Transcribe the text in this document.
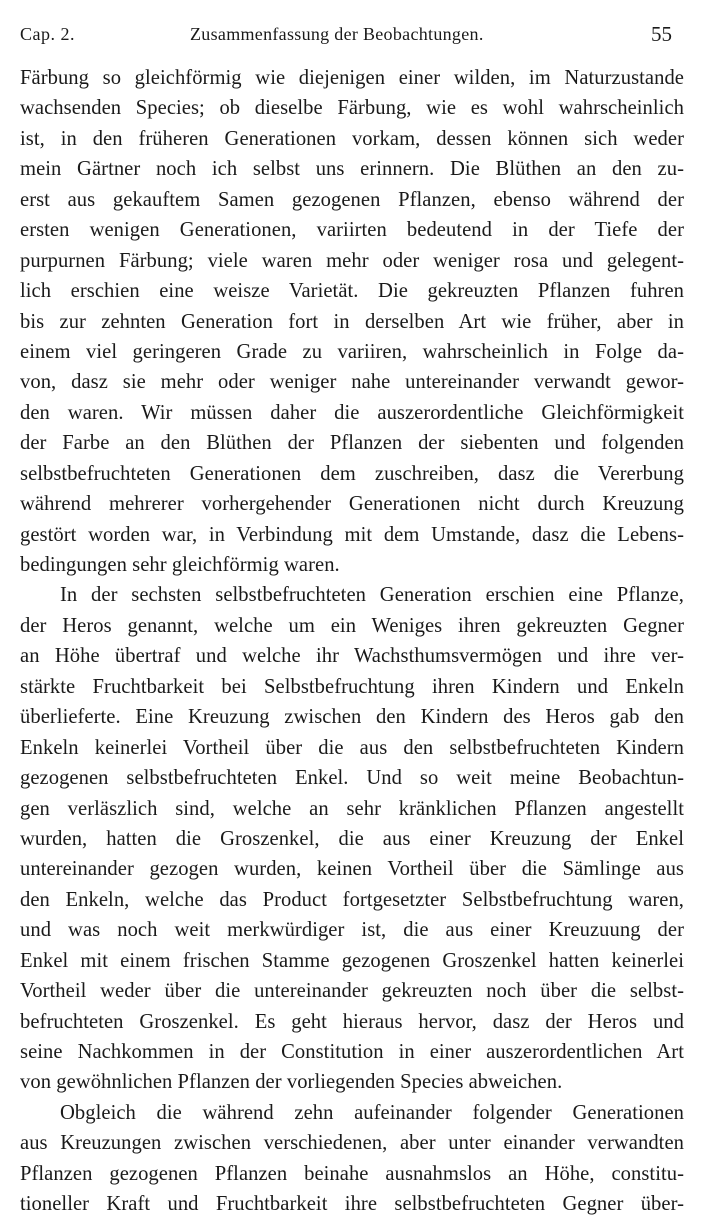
Cap. 2.	Zusammenfassung der Beobachtungen.	55
Färbung so gleichförmig wie diejenigen einer wilden, im Naturzustande
wachsenden Species; ob dieselbe Färbung, wie es wohl wahrscheinlich
ist, in den früheren Generationen vorkam, dessen können sich weder
mein Gärtner noch ich selbst uns erinnern. Die Blüthen an den zu-
erst aus gekauftem Samen gezogenen Pflanzen, ebenso während der
ersten wenigen Generationen, variirten bedeutend in der Tiefe der
purpurnen Färbung; viele waren mehr oder weniger rosa und gelegent-
lich erschien eine weisze Varietät. Die gekreuzten Pflanzen fuhren
bis zur zehnten Generation fort in derselben Art wie früher, aber in
einem viel geringeren Grade zu variiren, wahrscheinlich in Folge da-
von, dasz sie mehr oder weniger nahe untereinander verwandt gewor-
den waren. Wir müssen daher die auszerordentliche Gleichförmigkeit
der Farbe an den Blüthen der Pflanzen der siebenten und folgenden
selbstbefruchteten Generationen dem zuschreiben, dasz die Vererbung
während mehrerer vorhergehender Generationen nicht durch Kreuzung
gestört worden war, in Verbindung mit dem Umstande, dasz die Lebens-
bedingungen sehr gleichförmig waren.
In der sechsten selbstbefruchteten Generation erschien eine Pflanze,
der Heros genannt, welche um ein Weniges ihren gekreuzten Gegner
an Höhe übertraf und welche ihr Wachsthumsvermögen und ihre ver-
stärkte Fruchtbarkeit bei Selbstbefruchtung ihren Kindern und Enkeln
überlieferte. Eine Kreuzung zwischen den Kindern des Heros gab den
Enkeln keinerlei Vortheil über die aus den selbstbefruchteten Kindern
gezogenen selbstbefruchteten Enkel. Und so weit meine Beobachtun-
gen verläszlich sind, welche an sehr kränklichen Pflanzen angestellt
wurden, hatten die Groszenkel, die aus einer Kreuzung der Enkel
untereinander gezogen wurden, keinen Vortheil über die Sämlinge aus
den Enkeln, welche das Product fortgesetzter Selbstbefruchtung waren,
und was noch weit merkwürdiger ist, die aus einer Kreuzuung der
Enkel mit einem frischen Stamme gezogenen Groszenkel hatten keinerlei
Vortheil weder über die untereinander gekreuzten noch über die selbst-
befruchteten Groszenkel. Es geht hieraus hervor, dasz der Heros und
seine Nachkommen in der Constitution in einer auszerordentlichen Art
von gewöhnlichen Pflanzen der vorliegenden Species abweichen.
Obgleich die während zehn aufeinander folgender Generationen
aus Kreuzungen zwischen verschiedenen, aber unter einander verwandten
Pflanzen gezogenen Pflanzen beinahe ausnahmslos an Höhe, constitu-
tioneller Kraft und Fruchtbarkeit ihre selbstbefruchteten Gegner über-
